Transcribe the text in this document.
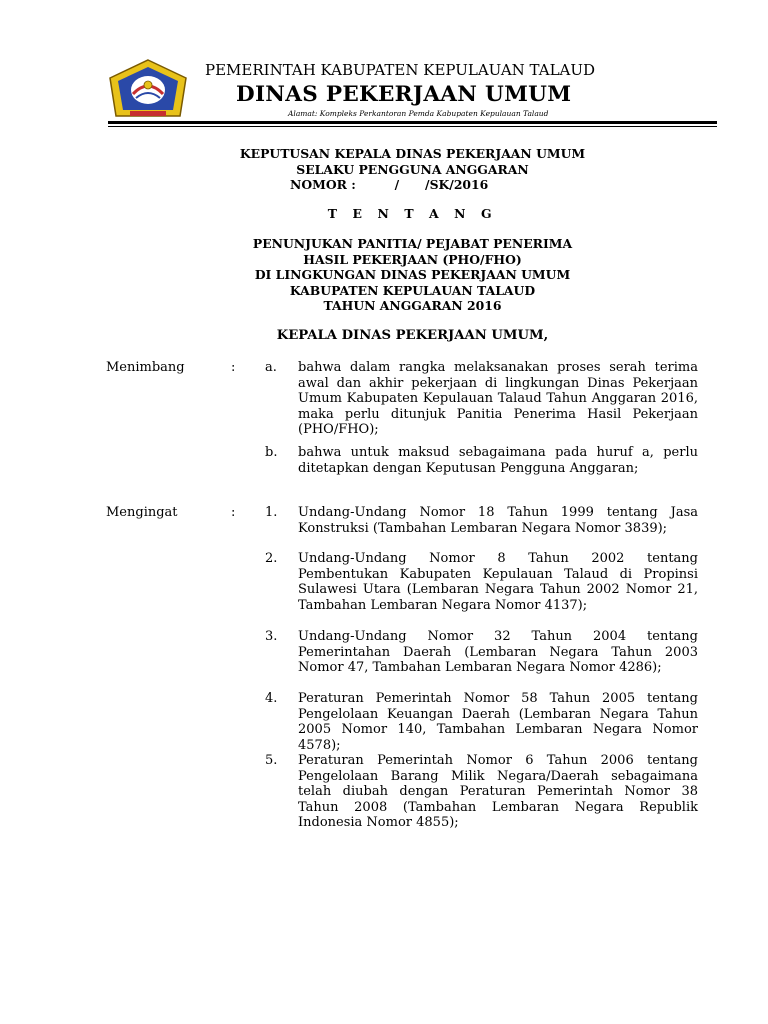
PEMERINTAH KABUPATEN KEPULAUAN TALAUD
DINAS PEKERJAAN UMUM
Alamat: Kompleks Perkantoran Pemda Kabupaten Kepulauan Talaud
KEPUTUSAN KEPALA DINAS PEKERJAAN UMUM
SELAKU PENGGUNA ANGGARAN
NOMOR :         /      /SK/2016
T E N T A N G
PENUNJUKAN PANITIA/ PEJABAT PENERIMA
HASIL PEKERJAAN (PHO/FHO)
DI LINGKUNGAN DINAS PEKERJAAN UMUM
KABUPATEN KEPULAUAN TALAUD
TAHUN ANGGARAN 2016
KEPALA DINAS PEKERJAAN UMUM,
Menimbang	: a. bahwa dalam rangka melaksanakan proses serah terima awal dan akhir pekerjaan di lingkungan Dinas Pekerjaan Umum Kabupaten Kepulauan Talaud Tahun Anggaran 2016, maka perlu ditunjuk Panitia Penerima Hasil Pekerjaan (PHO/FHO);
b. bahwa untuk maksud sebagaimana pada huruf a, perlu ditetapkan dengan Keputusan Pengguna Anggaran;
Mengingat	: 1. Undang-Undang Nomor 18 Tahun 1999 tentang Jasa Konstruksi (Tambahan Lembaran Negara Nomor 3839);
2. Undang-Undang Nomor 8 Tahun 2002 tentang Pembentukan Kabupaten Kepulauan Talaud di Propinsi Sulawesi Utara (Lembaran Negara Tahun 2002 Nomor 21, Tambahan Lembaran Negara Nomor 4137);
3. Undang-Undang Nomor 32 Tahun 2004 tentang Pemerintahan Daerah (Lembaran Negara Tahun 2003 Nomor 47, Tambahan Lembaran Negara Nomor 4286);
4. Peraturan Pemerintah Nomor 58 Tahun 2005 tentang Pengelolaan Keuangan Daerah (Lembaran Negara Tahun 2005 Nomor 140, Tambahan Lembaran Negara Nomor 4578);
5. Peraturan Pemerintah Nomor 6 Tahun 2006 tentang Pengelolaan Barang Milik Negara/Daerah sebagaimana telah diubah dengan Peraturan Pemerintah Nomor 38 Tahun 2008 (Tambahan Lembaran Negara Republik Indonesia Nomor 4855);
